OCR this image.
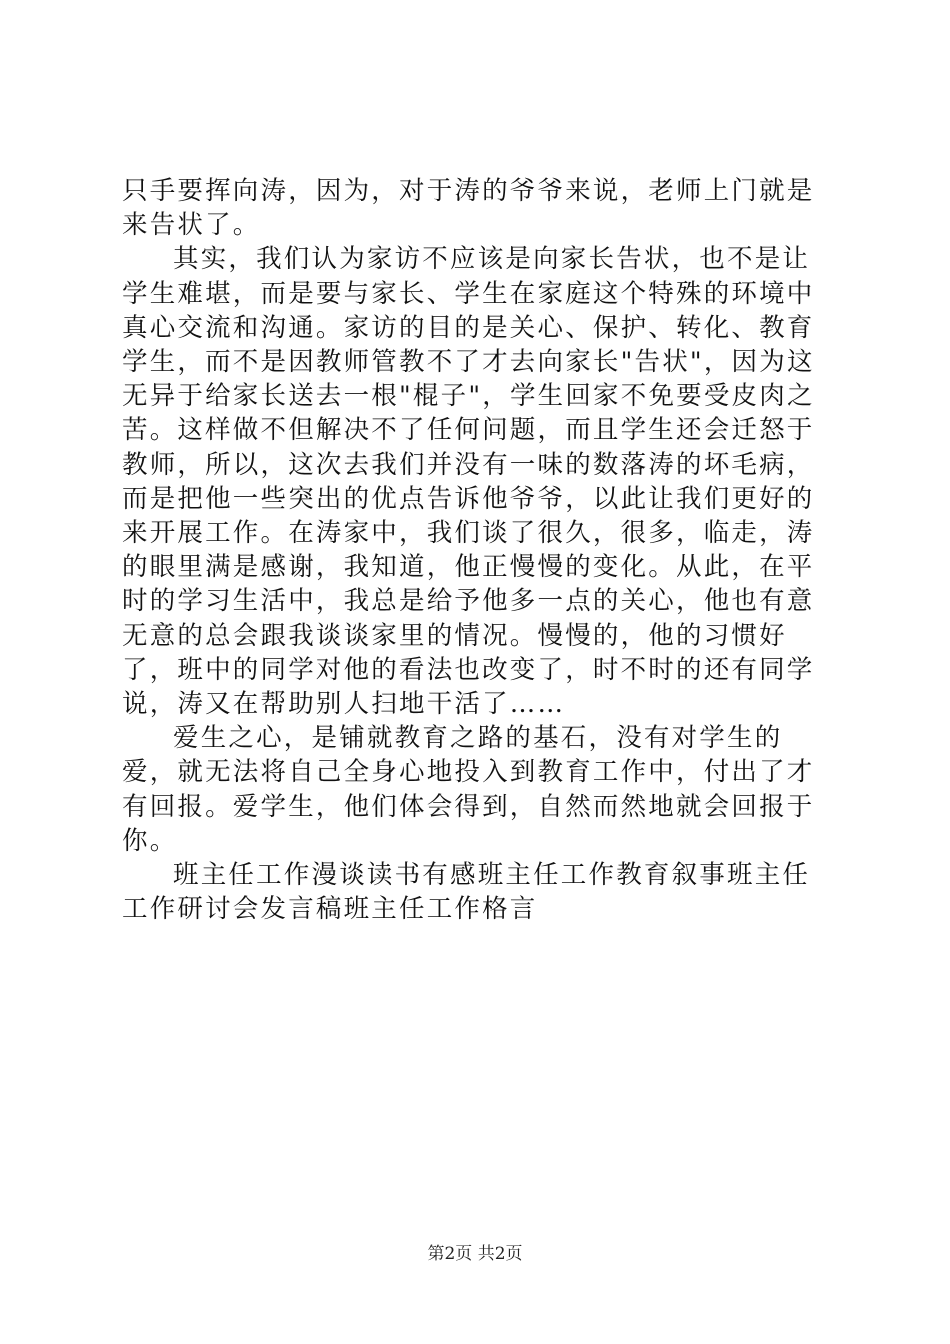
只手要挥向涛，因为，对于涛的爷爷来说，老师上门就是来告状了。

其实，我们认为家访不应该是向家长告状，也不是让学生难堪，而是要与家长、学生在家庭这个特殊的环境中真心交流和沟通。家访的目的是关心、保护、转化、教育学生，而不是因教师管教不了才去向家长"告状"，因为这无异于给家长送去一根"棍子"，学生回家不免要受皮肉之苦。这样做不但解决不了任何问题，而且学生还会迁怒于教师，所以，这次去我们并没有一味的数落涛的坏毛病，而是把他一些突出的优点告诉他爷爷，以此让我们更好的来开展工作。在涛家中，我们谈了很久，很多，临走，涛的眼里满是感谢，我知道，他正慢慢的变化。从此，在平时的学习生活中，我总是给予他多一点的关心，他也有意无意的总会跟我谈谈家里的情况。慢慢的，他的习惯好了，班中的同学对他的看法也改变了，时不时的还有同学说，涛又在帮助别人扫地干活了……

爱生之心，是铺就教育之路的基石，没有对学生的爱，就无法将自己全身心地投入到教育工作中，付出了才有回报。爱学生，他们体会得到，自然而然地就会回报于你。

班主任工作漫谈读书有感班主任工作教育叙事班主任工作研讨会发言稿班主任工作格言

第2页 共2页
